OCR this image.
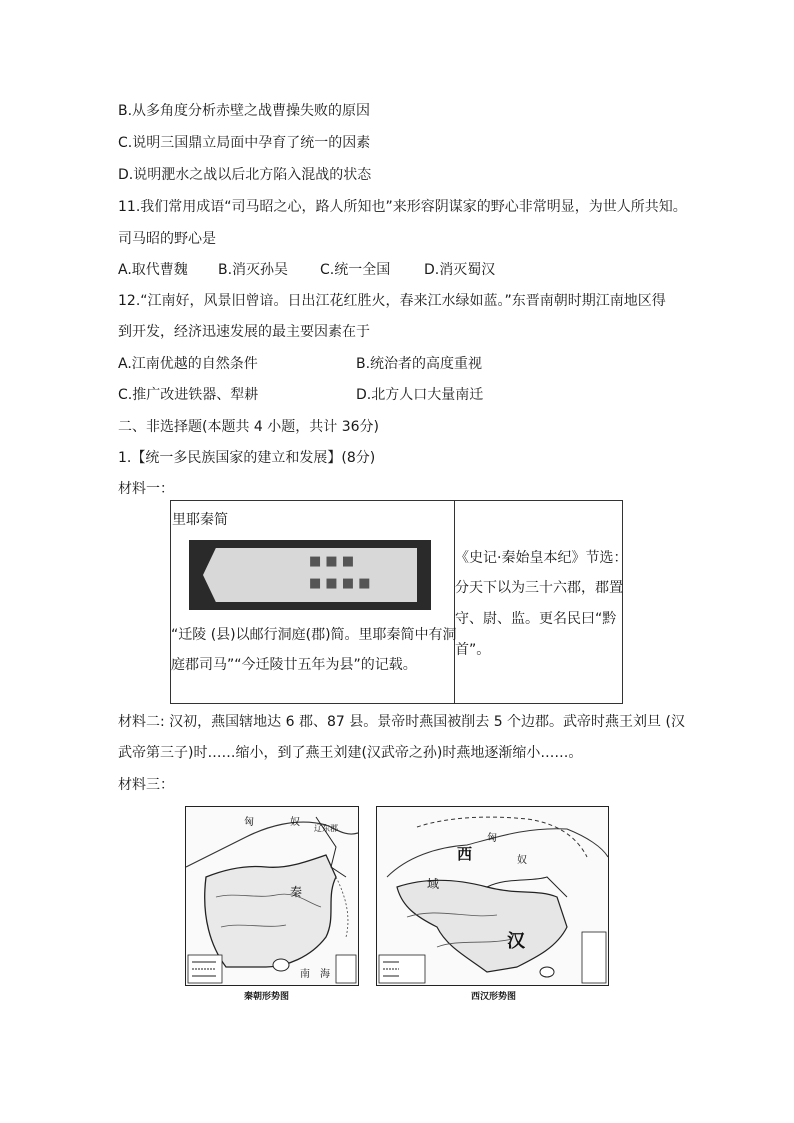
B.从多角度分析赤壁之战曹操失败的原因
C.说明三国鼎立局面中孕育了统一的因素
D.说明淝水之战以后北方陷入混战的状态
11.我们常用成语“司马昭之心，路人所知也”来形容阴谋家的野心非常明显，为世人所共知。
司马昭的野心是
A.取代曹魏 B.消灭孙吴 C.统一全国 D.消灭蜀汉
12.“江南好，风景旧曾谙。日出江花红胜火，春来江水绿如蓝。”东晋南朝时期江南地区得
到开发，经济迅速发展的最主要因素在于
A.江南优越的自然条件	B.统治者的高度重视
C.推广改进铁器、犁耕	D.北方人口大量南迁
二、非选择题(本题共 4 小题，共计 36分)
1.【统一多民族国家的建立和发展】(8分)
材料一：
里耶秦简
■ ■ ■
■ ■ ■ ■
“迁陵 (县)以邮行洞庭(郡)简。里耶秦简中有洞
庭郡司马”“今迁陵廿五年为县”的记载。
《史记·秦始皇本纪》节选：
分天下以为三十六郡，郡置
守、尉、监。更名民曰“黔
首”。
材料二: 汉初，燕国辖地达 6 郡、87 县。景帝时燕国被削去 5 个边郡。武帝时燕王刘旦 (汉
武帝第三子)时……缩小，到了燕王刘建(汉武帝之孙)时燕地逐渐缩小……。
材料三：
匈	奴
辽东郡
秦
南 海
秦朝形势图
匈
奴
西
域
汉
西汉形势图
